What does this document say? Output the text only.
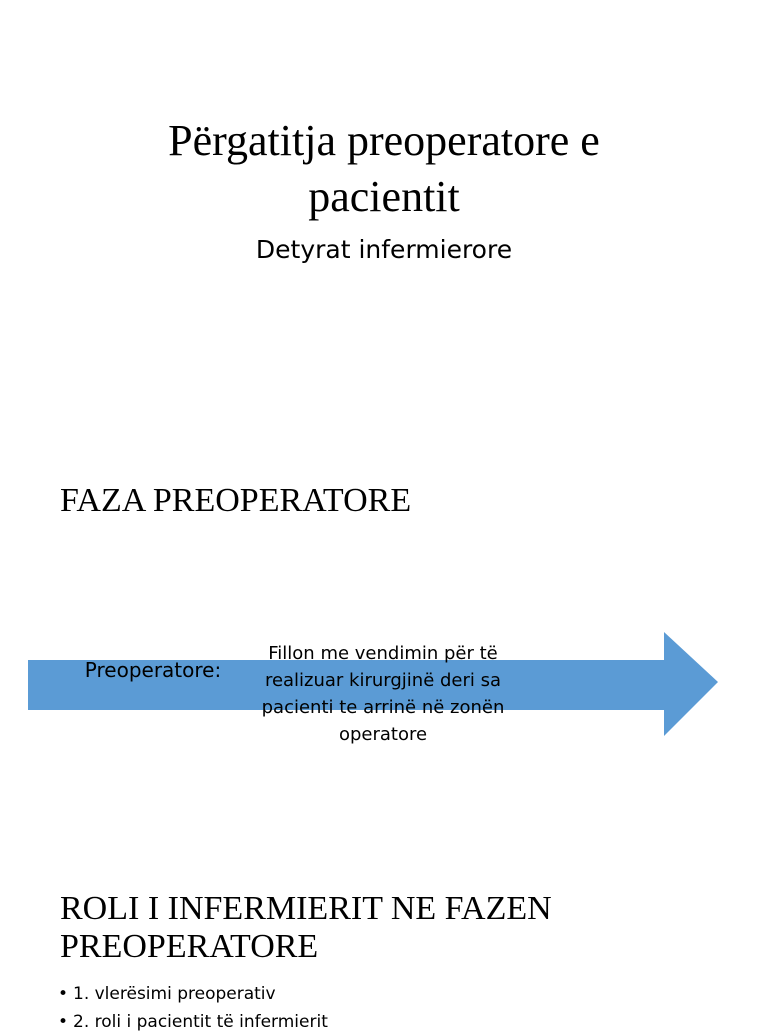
Përgatitja preoperatore e
pacientit
Detyrat infermierore
FAZA PREOPERATORE
Preoperatore:
Fillon me vendimin për të realizuar kirurgjinë deri sa pacienti te arrinë në zonën operatore
ROLI I INFERMIERIT NE FAZEN
PREOPERATORE
• 1. vlerësimi preoperativ
• 2. roli i pacientit të infermierit
